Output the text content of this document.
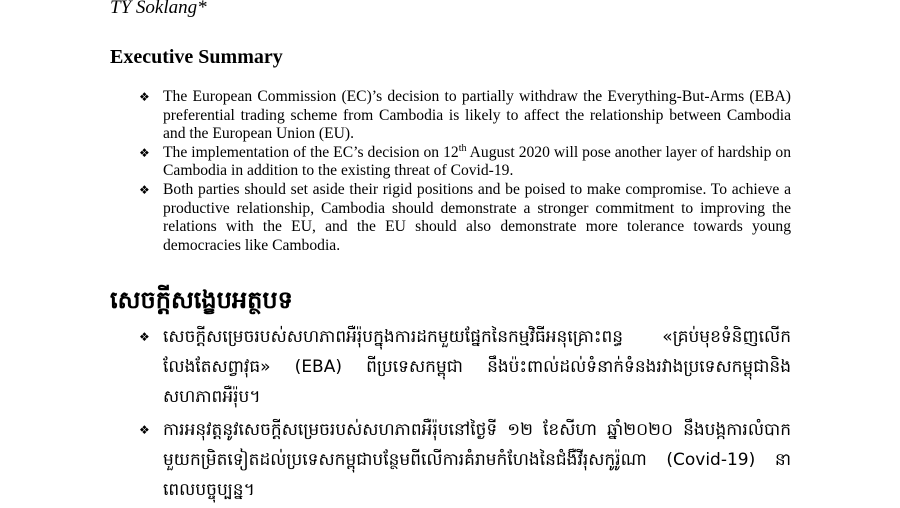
TY Soklang*
Executive Summary
❖ The European Commission (EC)’s decision to partially withdraw the Everything-But-Arms (EBA) preferential trading scheme from Cambodia is likely to affect the relationship between Cambodia and the European Union (EU).
❖ The implementation of the EC’s decision on 12th August 2020 will pose another layer of hardship on Cambodia in addition to the existing threat of Covid-19.
❖ Both parties should set aside their rigid positions and be poised to make compromise. To achieve a productive relationship, Cambodia should demonstrate a stronger commitment to improving the relations with the EU, and the EU should also demonstrate more tolerance towards young democracies like Cambodia.
សេចក្តីសង្ខេបអត្ថបទ
❖ សេចក្តីសម្រេចរបស់សហភាពអឺរ៉ុបក្នុងការដកមួយផ្នែកនៃកម្មវិធីអនុគ្រោះពន្ធ «គ្រប់មុខទំនិញលើកលែងតែសព្វាវុធ» (EBA) ពីប្រទេសកម្ពុជា នឹងប៉ះពាល់ដល់ទំនាក់ទំនងរវាងប្រទេសកម្ពុជានិងសហភាពអឺរ៉ុប។
❖ ការអនុវត្តនូវសេចក្តីសម្រេចរបស់សហភាពអឺរ៉ុបនៅថ្ងៃទី ១២ ខែសីហា ឆ្នាំ២០២០ នឹងបង្កការលំបាកមួយកម្រិតទៀតដល់ប្រទេសកម្ពុជាបន្ថែមពីលើការគំរាមកំហែងនៃជំងឺវីរុសកូរ៉ូណា (Covid-19) នាពេលបច្ចុប្បន្ន។
